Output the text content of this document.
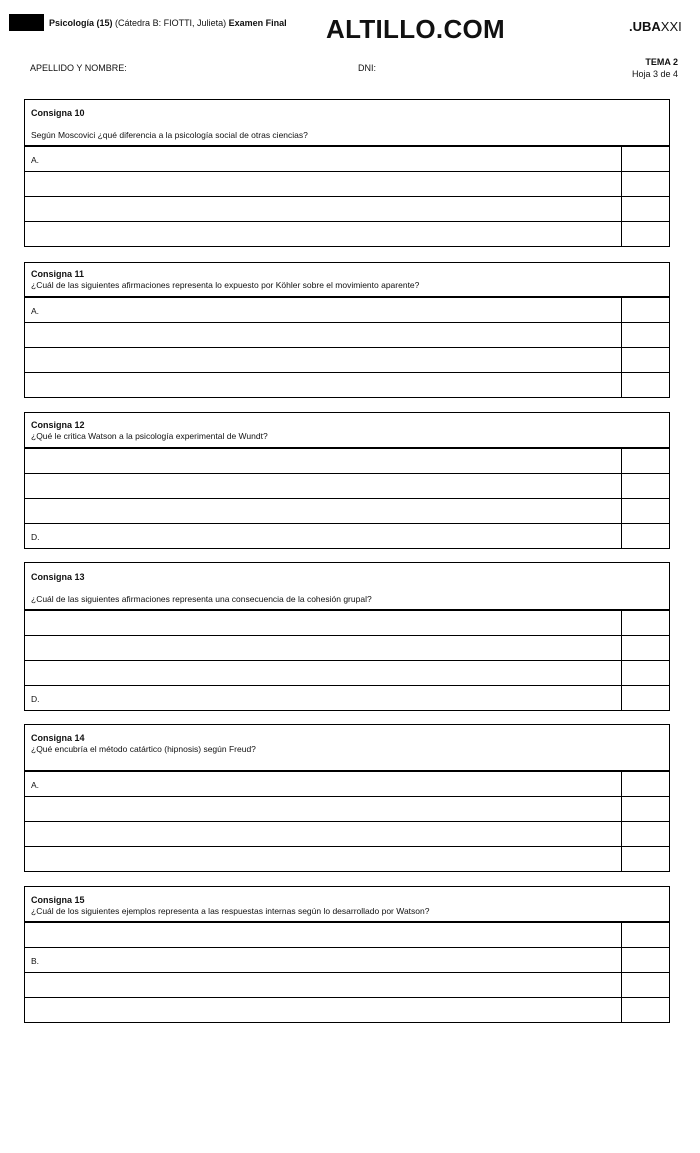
Psicología (15) (Cátedra B: FIOTTI, Julieta) Examen Final ALTILLO.COM	.UBAXXI
APELLIDO Y NOMBRE:	DNI:
TEMA 2
Hoja 3 de 4
Consigna 10
Según Moscovici ¿qué diferencia a la psicología social de otras ciencias?
A.
Consigna 11
¿Cuál de las siguientes afirmaciones representa lo expuesto por Köhler sobre el movimiento aparente?
A.
Consigna 12
¿Qué le critica Watson a la psicología experimental de Wundt?
D.
Consigna 13
¿Cuál de las siguientes afirmaciones representa una consecuencia de la cohesión grupal?
D.
Consigna 14
¿Qué encubría el método catártico (hipnosis) según Freud?
A.
Consigna 15
¿Cuál de los siguientes ejemplos representa a las respuestas internas según lo desarrollado por Watson?
B.
